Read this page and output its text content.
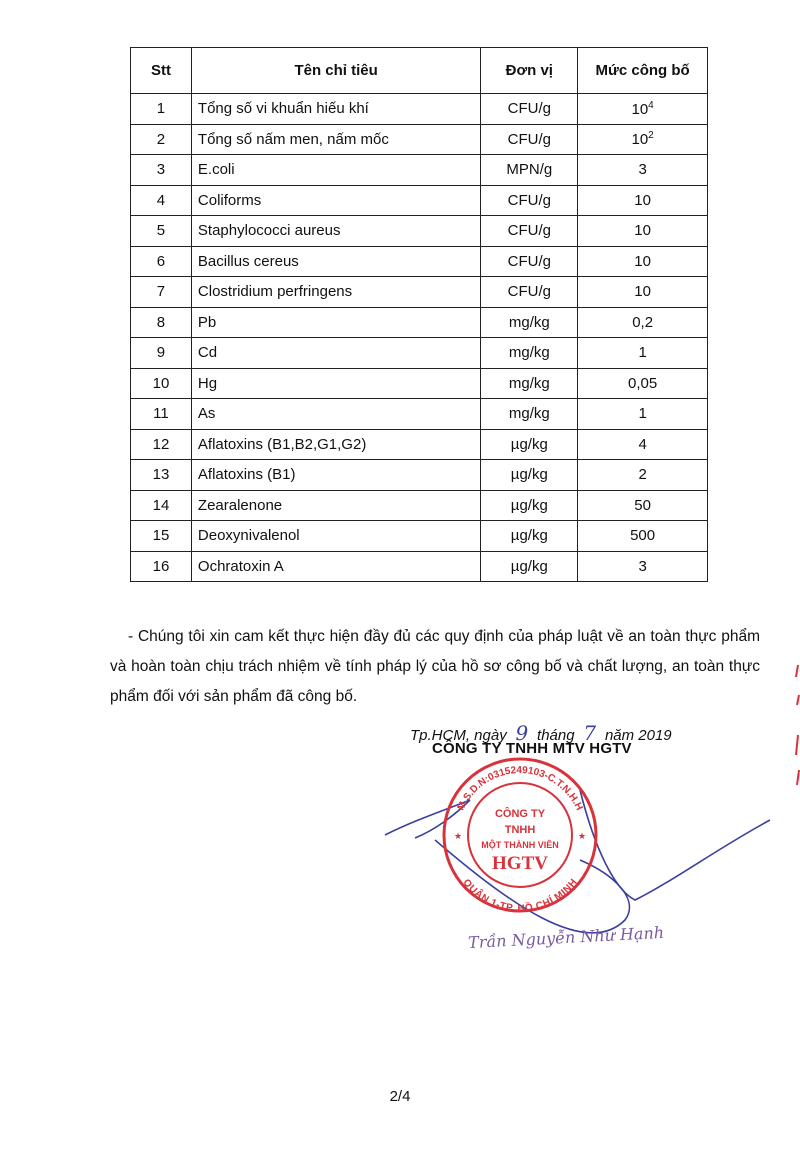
Stt	Tên chỉ tiêu	Đơn vị	Mức công bố
1	Tổng số vi khuẩn hiếu khí	CFU/g	$10^4$
2	Tổng số nấm men, nấm mốc	CFU/g	$10^2$
3	E.coli	MPN/g	3
4	Coliforms	CFU/g	10
5	Staphylococci aureus	CFU/g	10
6	Bacillus cereus	CFU/g	10
7	Clostridium perfringens	CFU/g	10
8	Pb	mg/kg	0,2
9	Cd	mg/kg	1
10	Hg	mg/kg	0,05
11	As	mg/kg	1
12	Aflatoxins (B1,B2,G1,G2)	µg/kg	4
13	Aflatoxins (B1)	µg/kg	2
14	Zearalenone	µg/kg	50
15	Deoxynivalenol	µg/kg	500
16	Ochratoxin A	µg/kg	3

- Chúng tôi xin cam kết thực hiện đầy đủ các quy định của pháp luật về an toàn thực phẩm và hoàn toàn chịu trách nhiệm về tính pháp lý của hồ sơ công bố và chất lượng, an toàn thực phẩm đối với sản phẩm đã công bố.

Tp.HCM, ngày 9 tháng 7 năm 2019
CÔNG TY TNHH MTV HGTV
M.S.D.N:0315249103-C.T.N.H.H
QUẬN 1-TP. HỒ CHÍ MINH
CÔNG TY
TNHH
MỘT THÀNH VIÊN
HGTV
★	★
Trần Nguyễn Như Hạnh
2/4
